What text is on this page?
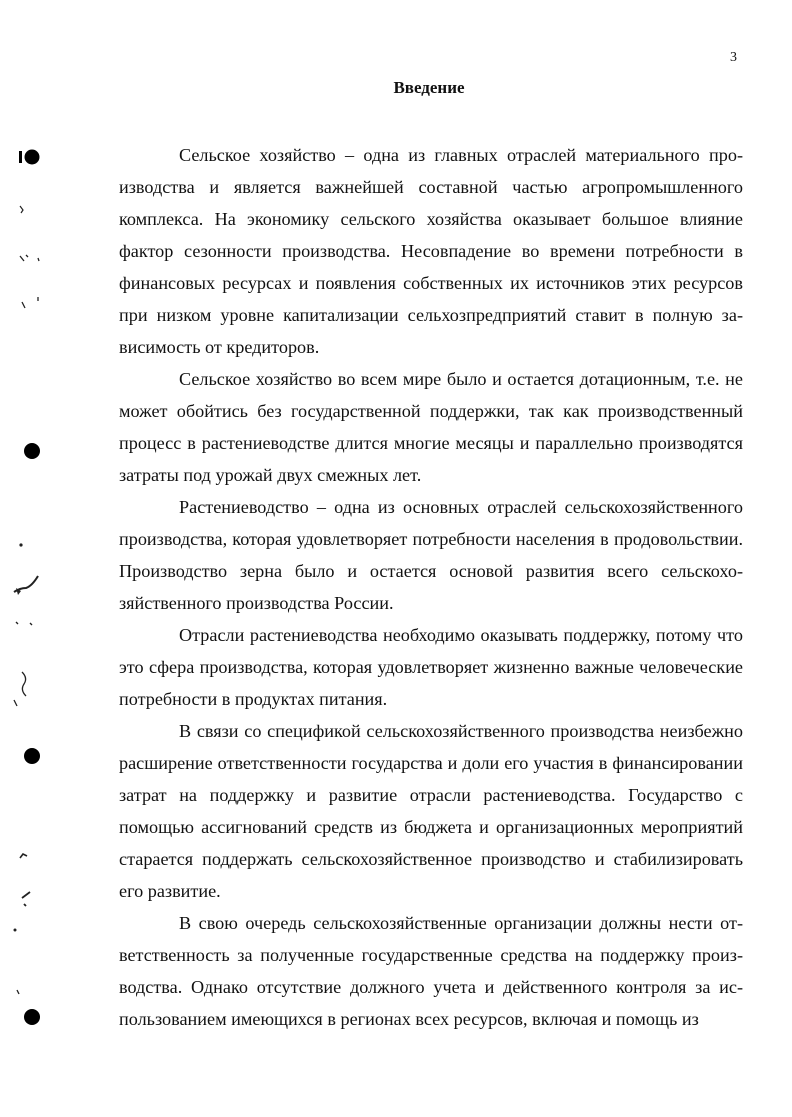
3
Введение

Сельское хозяйство – одна из главных отраслей материального производства и является важнейшей составной частью агропромышленного комплекса. На экономику сельского хозяйства оказывает большое влияние фактор сезонности производства. Несовпадение во времени потребности в финансовых ресурсах и появления собственных их источников этих ресурсов при низком уровне капитализации сельхозпредприятий ставит в полную зависимость от кредиторов.

Сельское хозяйство во всем мире было и остается дотационным, т.е. не может обойтись без государственной поддержки, так как производственный процесс в растениеводстве длится многие месяцы и параллельно производятся затраты под урожай двух смежных лет.

Растениеводство – одна из основных отраслей сельскохозяйственного производства, которая удовлетворяет потребности населения в продовольствии. Производство зерна было и остается основой развития всего сельскохозяйственного производства России.

Отрасли растениеводства необходимо оказывать поддержку, потому что это сфера производства, которая удовлетворяет жизненно важные человеческие потребности в продуктах питания.

В связи со спецификой сельскохозяйственного производства неизбежно расширение ответственности государства и доли его участия в финансировании затрат на поддержку и развитие отрасли растениеводства. Государство с помощью ассигнований средств из бюджета и организационных мероприятий старается поддержать сельскохозяйственное производство и стабилизировать его развитие.

В свою очередь сельскохозяйственные организации должны нести ответственность за полученные государственные средства на поддержку производства. Однако отсутствие должного учета и действенного контроля за использованием имеющихся в регионах всех ресурсов, включая и помощь из
